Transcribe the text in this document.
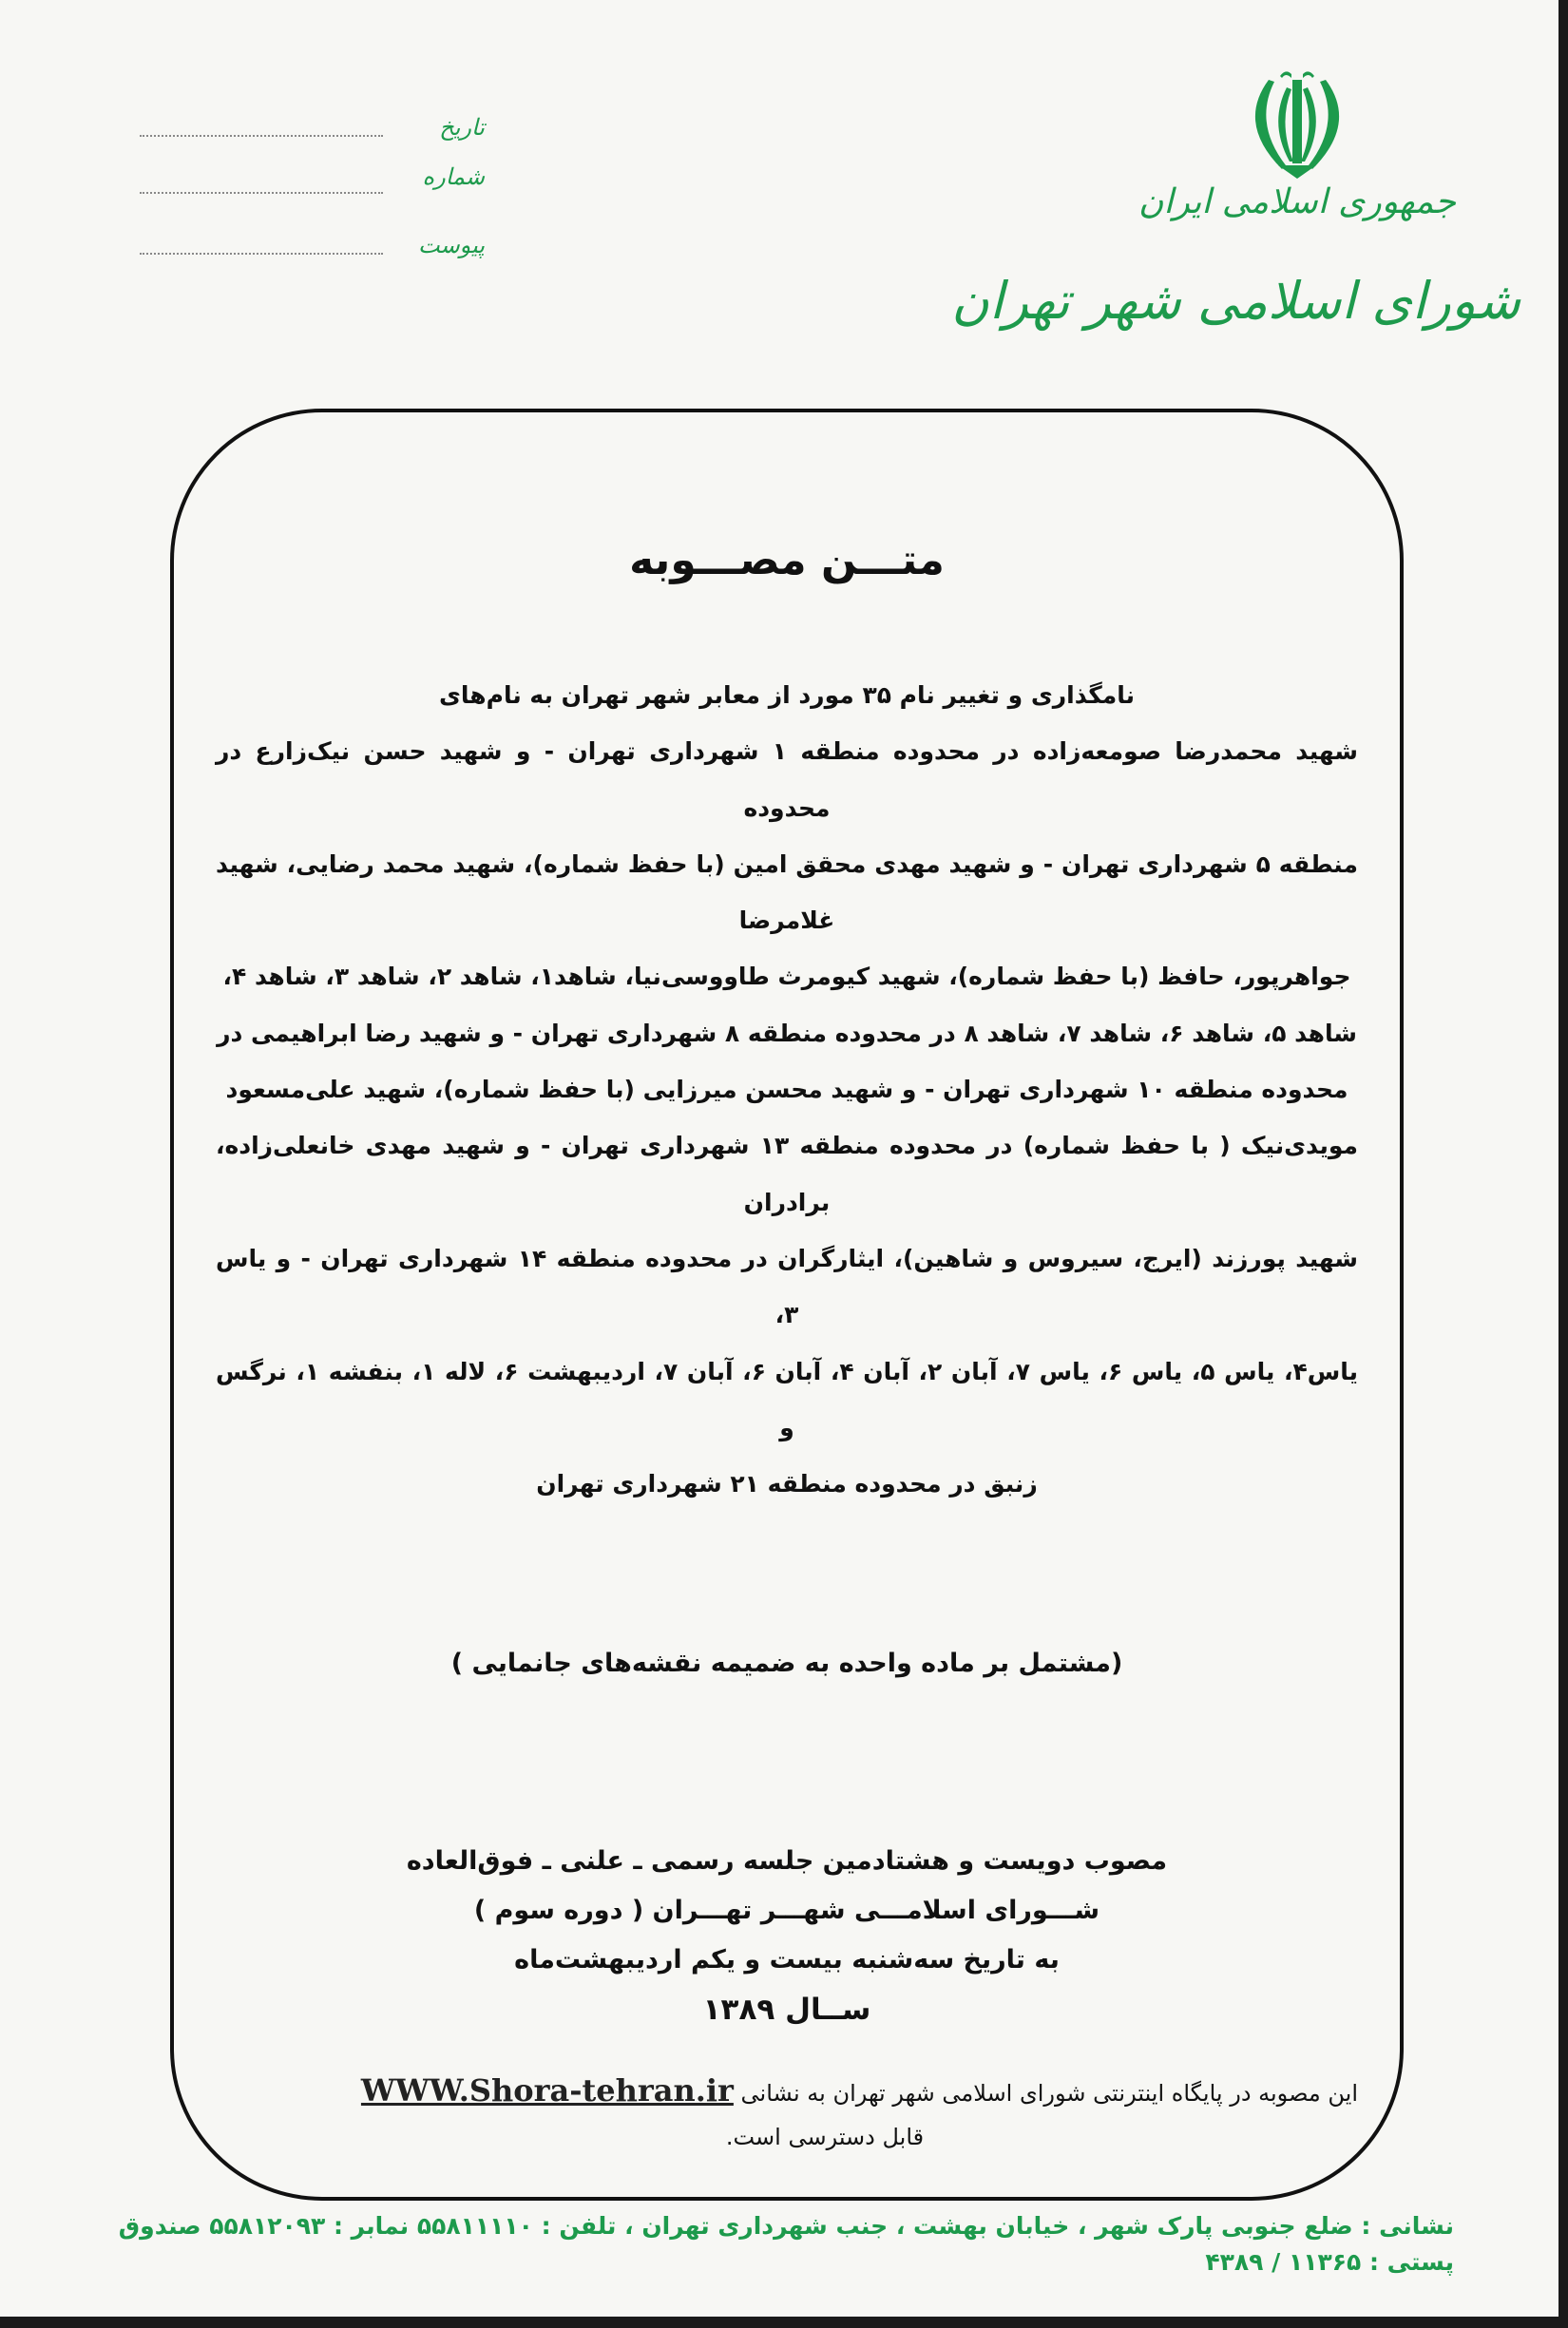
جمهوری اسلامی ایران
شورای اسلامی شهر تهران
تاریخ
شماره
پیوست
متـــن مصـــوبه
نامگذاری و تغییر نام ۳۵ مورد از معابر شهر تهران به نام‌های
شهید محمدرضا صومعه‌زاده در محدوده منطقه ۱ شهرداری تهران - و شهید حسن نیک‌زارع در محدوده
منطقه ۵ شهرداری تهران - و شهید مهدی محقق امین (با حفظ شماره)، شهید محمد رضایی، شهید غلامرضا
جواهرپور، حافظ (با حفظ شماره)، شهید کیومرث طاووسی‌نیا، شاهد۱، شاهد ۲، شاهد ۳، شاهد ۴،
شاهد ۵، شاهد ۶، شاهد ۷، شاهد ۸ در محدوده منطقه ۸ شهرداری تهران - و شهید رضا ابراهیمی در
محدوده منطقه ۱۰ شهرداری تهران - و شهید محسن میرزایی (با حفظ شماره)، شهید علی‌مسعود
مویدی‌نیک ( با حفظ شماره) در محدوده منطقه ۱۳ شهرداری تهران - و شهید مهدی خانعلی‌زاده، برادران
شهید پورزند (ایرج، سیروس و شاهین)، ایثارگران در محدوده منطقه ۱۴ شهرداری تهران - و یاس ۳،
یاس۴، یاس ۵، یاس ۶، یاس ۷، آبان ۲، آبان ۴، آبان ۶، آبان ۷، اردیبهشت ۶، لاله ۱، بنفشه ۱، نرگس و
زنبق در محدوده منطقه ۲۱ شهرداری تهران
(مشتمل بر ماده واحده به ضمیمه نقشه‌های جانمایی )
مصوب دویست و هشتادمین جلسه رسمی ـ علنی ـ فوق‌العاده
شـــورای اسلامـــی شهـــر تهـــران ( دوره سوم )
به تاریخ سه‌شنبه بیست و یکم اردیبهشت‌ماه
ســال ۱۳۸۹
این مصوبه در پایگاه اینترنتی شورای اسلامی شهر تهران به نشانی WWW.Shora-tehran.ir
قابل دسترسی است.
نشانی : ضلع جنوبی پارک شهر ، خیابان بهشت ، جنب شهرداری تهران ، تلفن : ۵۵۸۱۱۱۱۰ نمابر : ۵۵۸۱۲۰۹۳ صندوق پستی : ۱۱۳۶۵ / ۴۳۸۹
